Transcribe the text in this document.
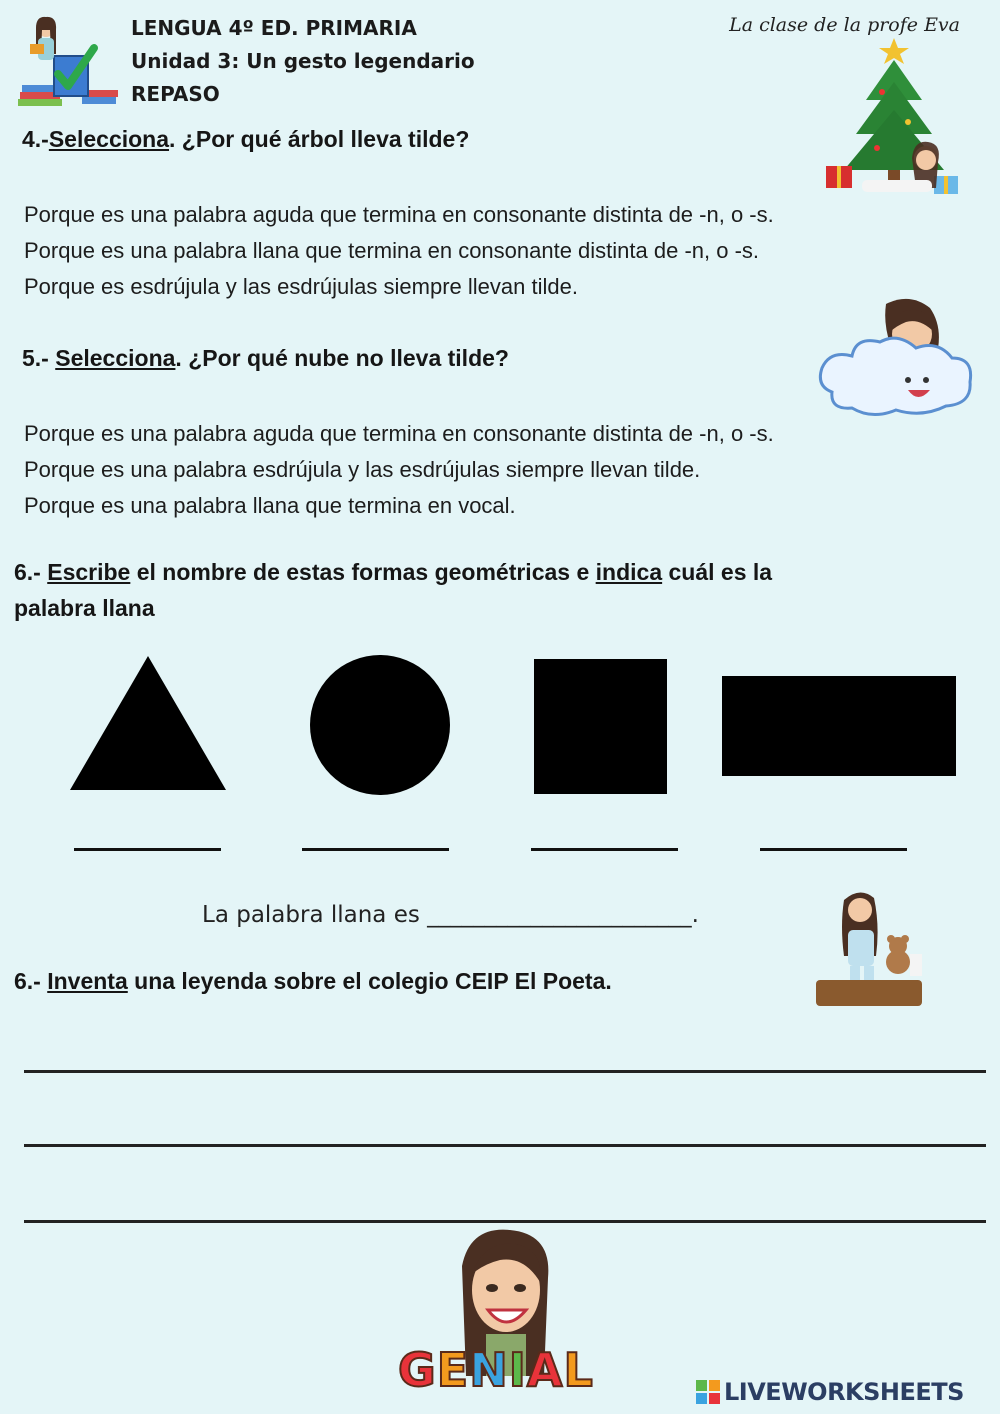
LENGUA 4º ED. PRIMARIA
Unidad 3: Un gesto legendario
REPASO
La clase de la profe Eva
4.-Selecciona. ¿Por qué árbol lleva tilde?
Porque es una palabra aguda que termina en consonante distinta de -n, o -s.
Porque es una palabra llana que termina en consonante distinta de -n, o -s.
Porque es esdrújula y las esdrújulas siempre llevan tilde.
5.- Selecciona. ¿Por qué nube no lleva tilde?
Porque es una palabra aguda que termina en consonante distinta de -n, o -s.
Porque es una palabra esdrújula y las esdrújulas siempre llevan tilde.
Porque es una palabra llana que termina en vocal.
6.- Escribe el nombre de estas formas geométricas e indica cuál es la
palabra llana
La palabra llana es _______________________.
6.- Inventa una leyenda sobre el colegio CEIP El Poeta.
GENIAL	LIVEWORKSHEETS
